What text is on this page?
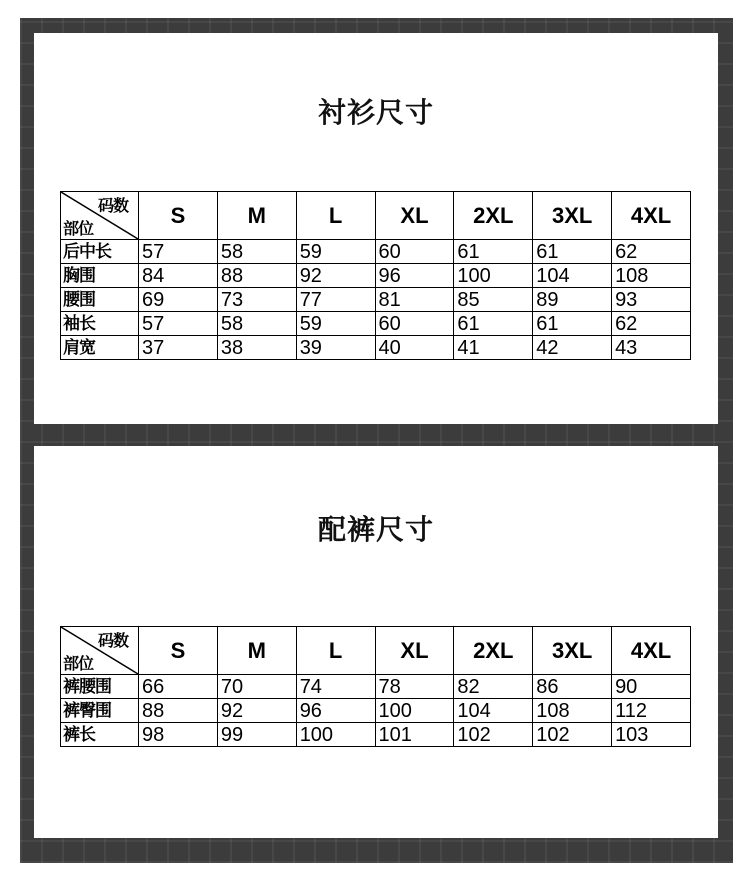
衬衫尺寸
码数
部位	S	M	L	XL	2XL	3XL	4XL
后中长	57	58	59	60	61	61	62
胸围	84	88	92	96	100	104	108
腰围	69	73	77	81	85	89	93
袖长	57	58	59	60	61	61	62
肩宽	37	38	39	40	41	42	43
配裤尺寸
码数
部位	S	M	L	XL	2XL	3XL	4XL
裤腰围	66	70	74	78	82	86	90
裤臀围	88	92	96	100	104	108	112
裤长	98	99	100	101	102	102	103
